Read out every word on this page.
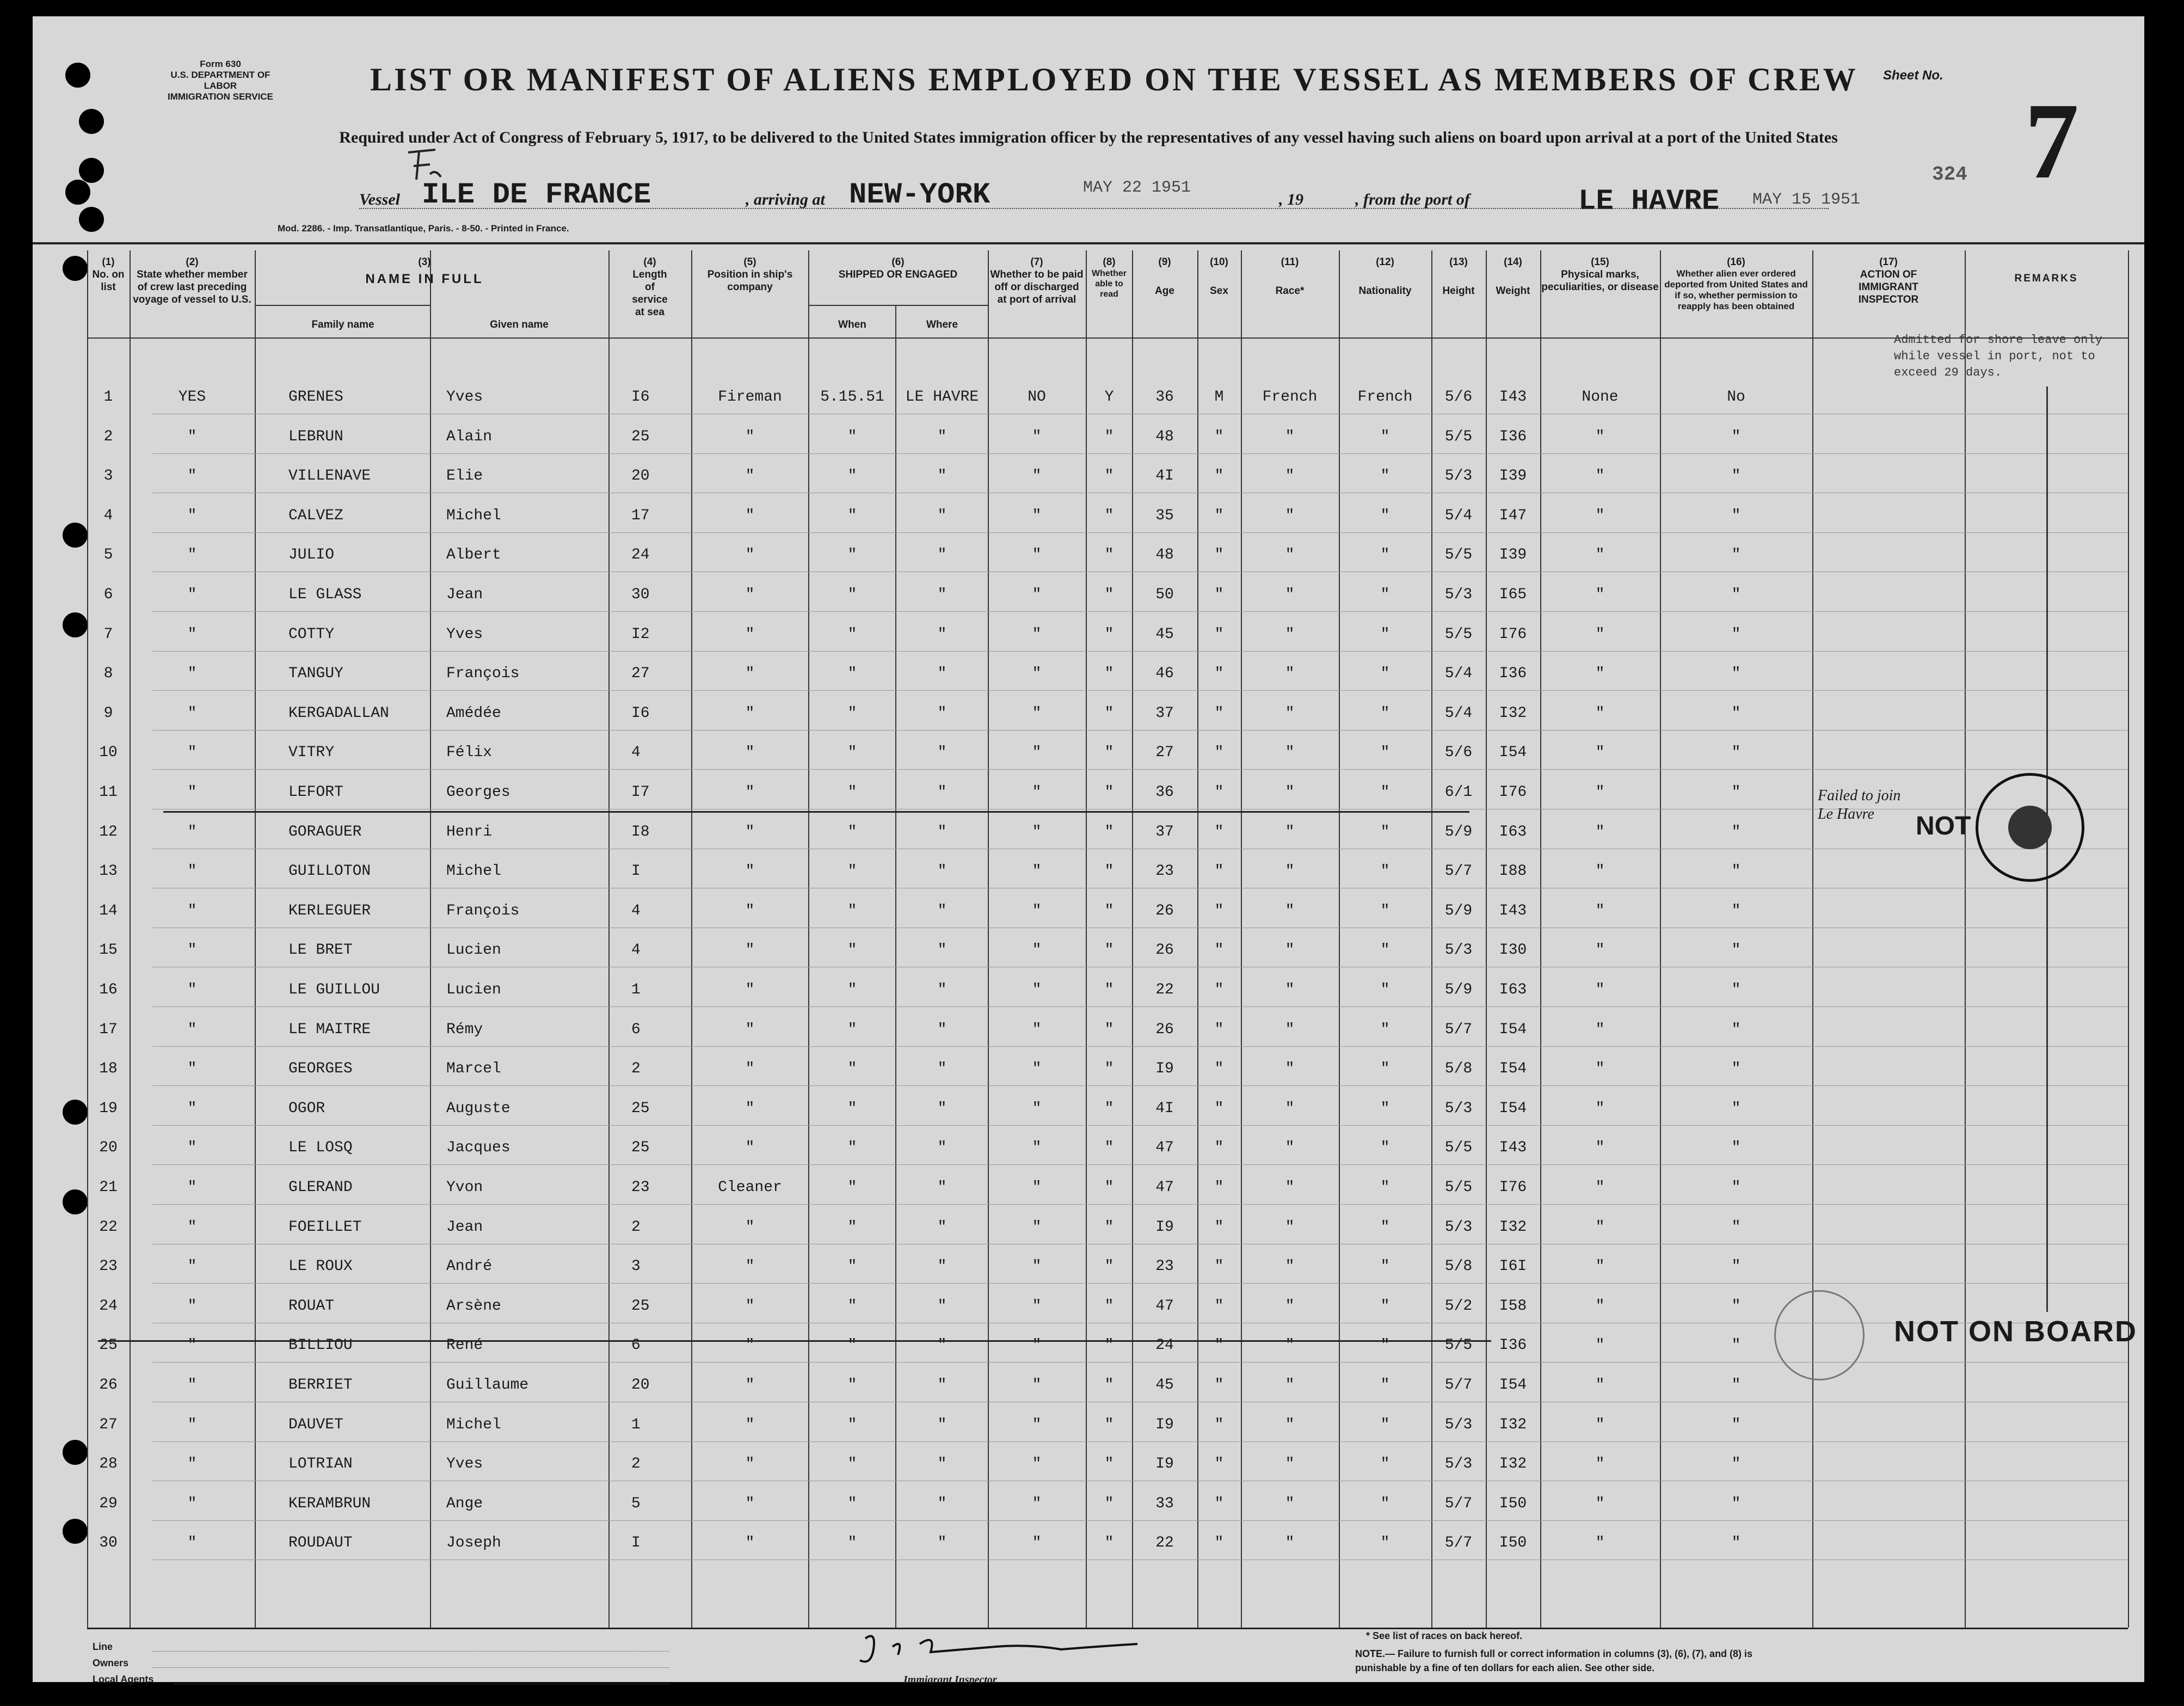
Form 630
U.S. DEPARTMENT OF LABOR
IMMIGRATION SERVICE	LIST OR MANIFEST OF ALIENS EMPLOYED ON THE VESSEL AS MEMBERS OF CREW Sheet No.
7
324
Required under Act of Congress of February 5, 1917, to be delivered to the United States immigration officer by the representatives of any vessel having such aliens on board upon arrival at a port of the United States
Vessel ILE DE FRANCE	, arriving at NEW-YORK	MAY 22 1951
, 19	, from the port of	LE HAVRE MAY 15 1951
Mod. 2286. - Imp. Transatlantique, Paris. - 8-50. - Printed in France.
(1)
No. on list
(2)
State whether member of crew last preceding voyage of vessel to U.S.
(3)
NAME IN FULL
Family name	Given name
(4)
Length of service at sea
(5)
Position in ship's company
(6)
SHIPPED OR ENGAGED
When	Where
(7)
Whether to be paid off or discharged at port of arrival
(8)
Whether able to read
(9)
Age
(10)
Sex
(11)
Race*
(12)
Nationality
(13)
Height
(14)
Weight
(15)
Physical marks, peculiarities, or disease
(16)
Whether alien ever ordered deported from United States and if so, whether permission to reapply has been obtained
(17)
ACTION OF IMMIGRANT INSPECTOR
REMARKS
1	YES	GRENES	Yves	I6	Fireman	5.15.51	LE HAVRE	NO	Y	36	M	French	French	5/6	I43	None	No
2	"	LEBRUN	Alain	25	"	"	"	"	"	48	"	"	"	5/5	I36	"	"
3	"	VILLENAVE	Elie	20	"	"	"	"	"	4I	"	"	"	5/3	I39	"	"
4	"	CALVEZ	Michel	17	"	"	"	"	"	35	"	"	"	5/4	I47	"	"
5	"	JULIO	Albert	24	"	"	"	"	"	48	"	"	"	5/5	I39	"	"
6	"	LE GLASS	Jean	30	"	"	"	"	"	50	"	"	"	5/3	I65	"	"
7	"	COTTY	Yves	I2	"	"	"	"	"	45	"	"	"	5/5	I76	"	"
8	"	TANGUY	François	27	"	"	"	"	"	46	"	"	"	5/4	I36	"	"
9	"	KERGADALLAN	Amédée	I6	"	"	"	"	"	37	"	"	"	5/4	I32	"	"
10	"	VITRY	Félix	4	"	"	"	"	"	27	"	"	"	5/6	I54	"	"
11	"	LEFORT	Georges	I7	"	"	"	"	"	36	"	"	"	6/1	I76	"	"
12	"	GORAGUER	Henri	I8	"	"	"	"	"	37	"	"	"	5/9	I63	"	"
13	"	GUILLOTON	Michel	I	"	"	"	"	"	23	"	"	"	5/7	I88	"	"
14	"	KERLEGUER	François	4	"	"	"	"	"	26	"	"	"	5/9	I43	"	"
15	"	LE BRET	Lucien	4	"	"	"	"	"	26	"	"	"	5/3	I30	"	"
16	"	LE GUILLOU	Lucien	1	"	"	"	"	"	22	"	"	"	5/9	I63	"	"
17	"	LE MAITRE	Rémy	6	"	"	"	"	"	26	"	"	"	5/7	I54	"	"
18	"	GEORGES	Marcel	2	"	"	"	"	"	I9	"	"	"	5/8	I54	"	"
19	"	OGOR	Auguste	25	"	"	"	"	"	4I	"	"	"	5/3	I54	"	"
20	"	LE LOSQ	Jacques	25	"	"	"	"	"	47	"	"	"	5/5	I43	"	"
21	"	GLERAND	Yvon	23	Cleaner	"	"	"	"	47	"	"	"	5/5	I76	"	"
22	"	FOEILLET	Jean	2	"	"	"	"	"	I9	"	"	"	5/3	I32	"	"
23	"	LE ROUX	André	3	"	"	"	"	"	23	"	"	"	5/8	I6I	"	"
24	"	ROUAT	Arsène	25	"	"	"	"	"	47	"	"	"	5/2	I58	"	"
25	"	BILLIOU	René	6	"	"	"	"	"	24	"	"	"	5/5	I36	"	"
26	"	BERRIET	Guillaume	20	"	"	"	"	"	45	"	"	"	5/7	I54	"	"
27	"	DAUVET	Michel	1	"	"	"	"	"	I9	"	"	"	5/3	I32	"	"
28	"	LOTRIAN	Yves	2	"	"	"	"	"	I9	"	"	"	5/3	I32	"	"
29	"	KERAMBRUN	Ange	5	"	"	"	"	"	33	"	"	"	5/7	I50	"	"
30	"	ROUDAUT	Joseph	I	"	"	"	"	"	22	"	"	"	5/7	I50	"	"
Admitted for shore leave only while vessel in port, not to exceed 29 days.
Failed to join Le Havre	NOT
NOT ON BOARD
Line
Owners
Local Agents	Immigrant Inspector
* See list of races on back hereof.
NOTE.— Failure to furnish full or correct information in columns (3), (6), (7), and (8) is punishable by a fine of ten dollars for each alien. See other side.
